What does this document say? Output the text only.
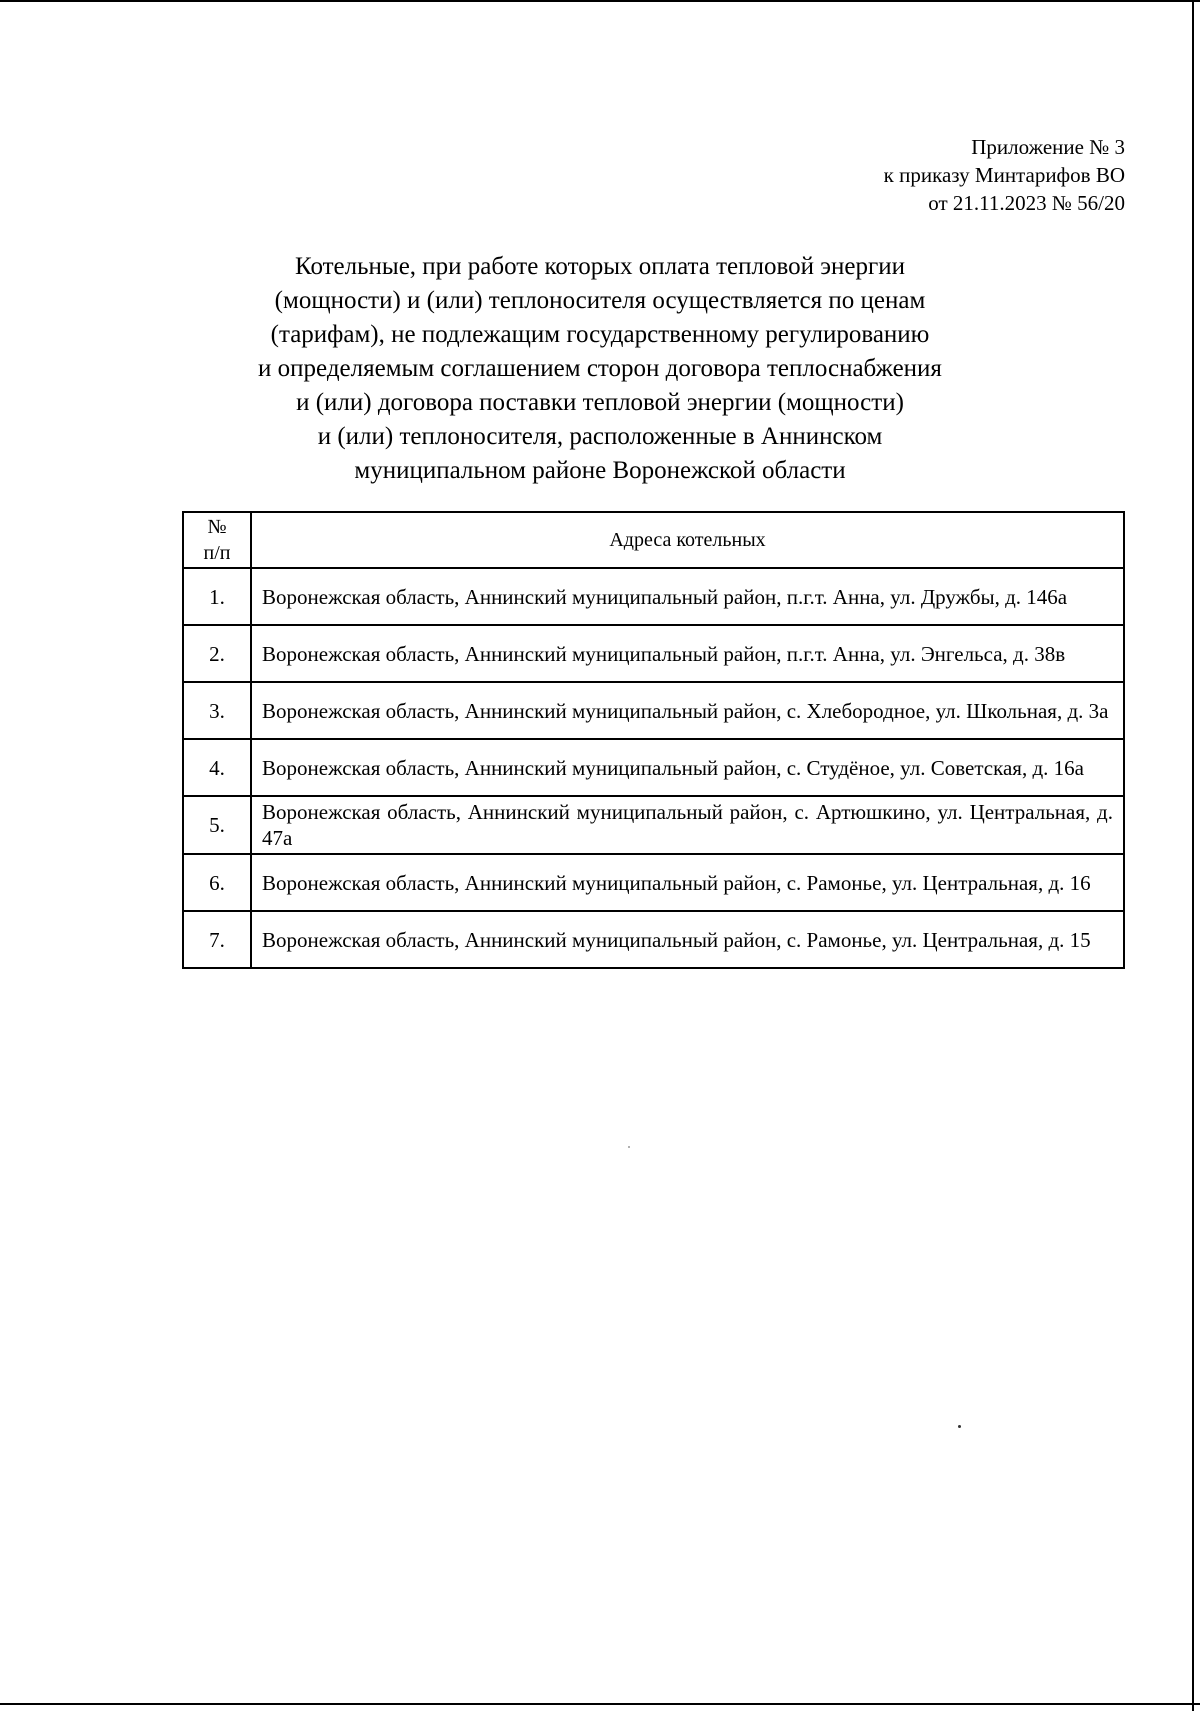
Приложение № 3
к приказу Минтарифов ВО
от 21.11.2023 № 56/20
Котельные, при работе которых оплата тепловой энергии
(мощности) и (или) теплоносителя осуществляется по ценам
(тарифам), не подлежащим государственному регулированию
и определяемым соглашением сторон договора теплоснабжения
и (или) договора поставки тепловой энергии (мощности)
и (или) теплоносителя, расположенные в Аннинском
муниципальном районе Воронежской области
№
п/п	Адреса котельных
1.	Воронежская область, Аннинский муниципальный район, п.г.т. Анна, ул. Дружбы, д. 146а
2.	Воронежская область, Аннинский муниципальный район, п.г.т. Анна, ул. Энгельса, д. 38в
3.	Воронежская область, Аннинский муниципальный район, с. Хлебородное, ул. Школьная, д. 3а
4.	Воронежская область, Аннинский муниципальный район, с. Студёное, ул. Советская, д. 16а
5.	Воронежская область, Аннинский муниципальный район, с. Артюшкино, ул. Центральная, д. 47а
6.	Воронежская область, Аннинский муниципальный район, с. Рамонье, ул. Центральная, д. 16
7.	Воронежская область, Аннинский муниципальный район, с. Рамонье, ул. Центральная, д. 15
